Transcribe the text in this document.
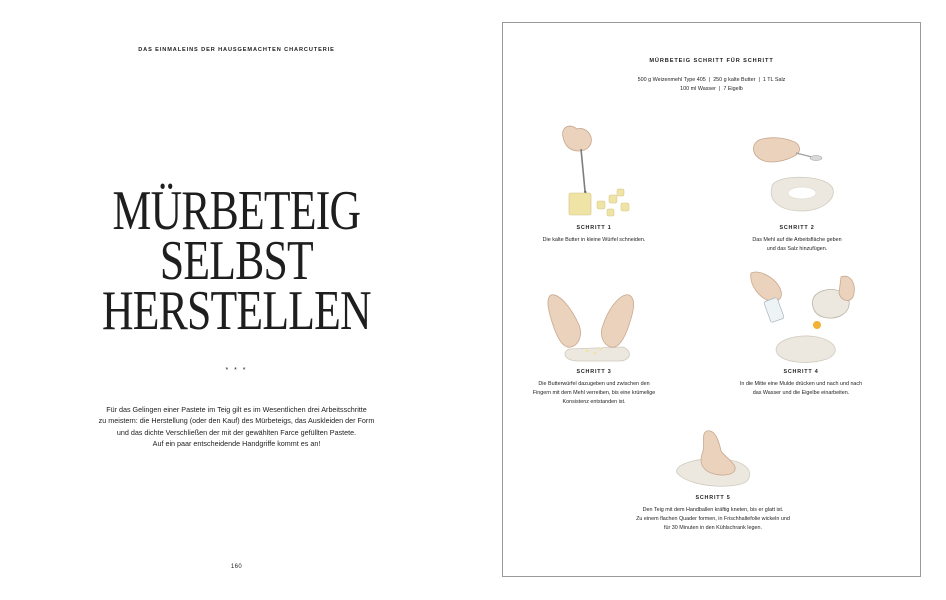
DAS EINMALEINS DER HAUSGEMACHTEN CHARCUTERIE
MÜRBETEIG
SELBST
HERSTELLEN
* * *
Für das Gelingen einer Pastete im Teig gilt es im Wesentlichen drei Arbeitsschritte
zu meistern: die Herstellung (oder den Kauf) des Mürbeteigs, das Auskleiden der Form
und das dichte Verschließen der mit der gewählten Farce gefüllten Pastete.
Auf ein paar entscheidende Handgriffe kommt es an!
160
MÜRBETEIG SCHRITT FÜR SCHRITT
500 g Weizenmehl Type 405 | 250 g kalte Butter | 1 TL Salz
100 ml Wasser | 7 Eigelb
SCHRITT 1
Die kalte Butter in kleine Würfel schneiden.
SCHRITT 2
Das Mehl auf die Arbeitsfläche geben
und das Salz hinzufügen.
SCHRITT 3
Die Butterwürfel dazugeben und zwischen den
Fingern mit dem Mehl verreiben, bis eine krümelige
Konsistenz entstanden ist.
SCHRITT 4
In die Mitte eine Mulde drücken und nach und nach
das Wasser und die Eigelbe einarbeiten.
SCHRITT 5
Den Teig mit dem Handballen kräftig kneten, bis er glatt ist.
Zu einem flachen Quader formen, in Frischhaltefolie wickeln und
für 30 Minuten in den Kühlschrank legen.
